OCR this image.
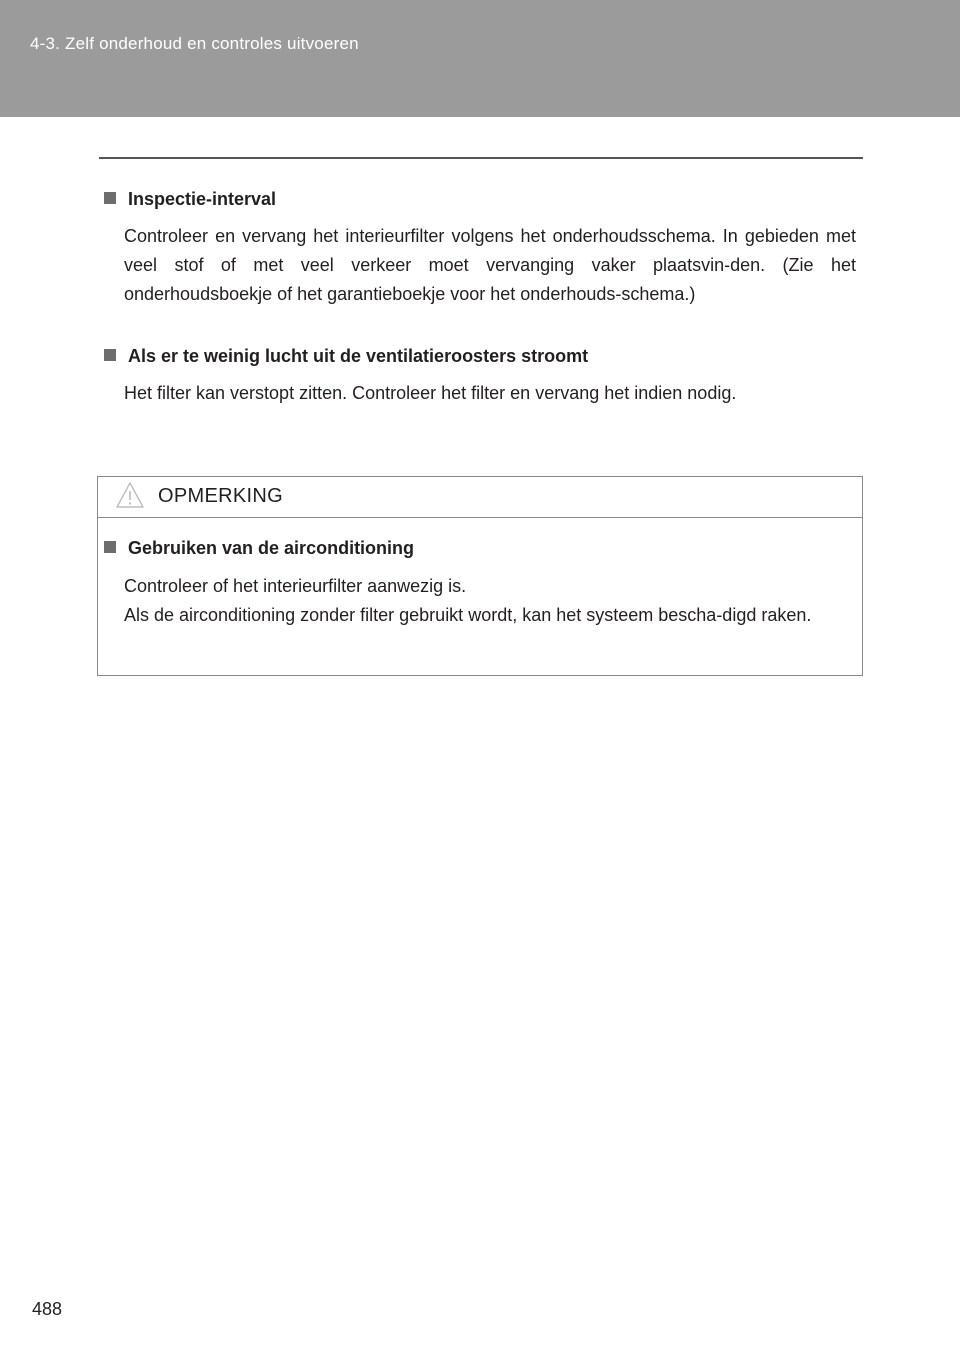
4-3. Zelf onderhoud en controles uitvoeren
Inspectie-interval
Controleer en vervang het interieurfilter volgens het onderhoudsschema. In gebieden met veel stof of met veel verkeer moet vervanging vaker plaatsvin-den. (Zie het onderhoudsboekje of het garantieboekje voor het onderhouds-schema.)
Als er te weinig lucht uit de ventilatieroosters stroomt
Het filter kan verstopt zitten. Controleer het filter en vervang het indien nodig.
OPMERKING
Gebruiken van de airconditioning
Controleer of het interieurfilter aanwezig is.
Als de airconditioning zonder filter gebruikt wordt, kan het systeem bescha-digd raken.
488
